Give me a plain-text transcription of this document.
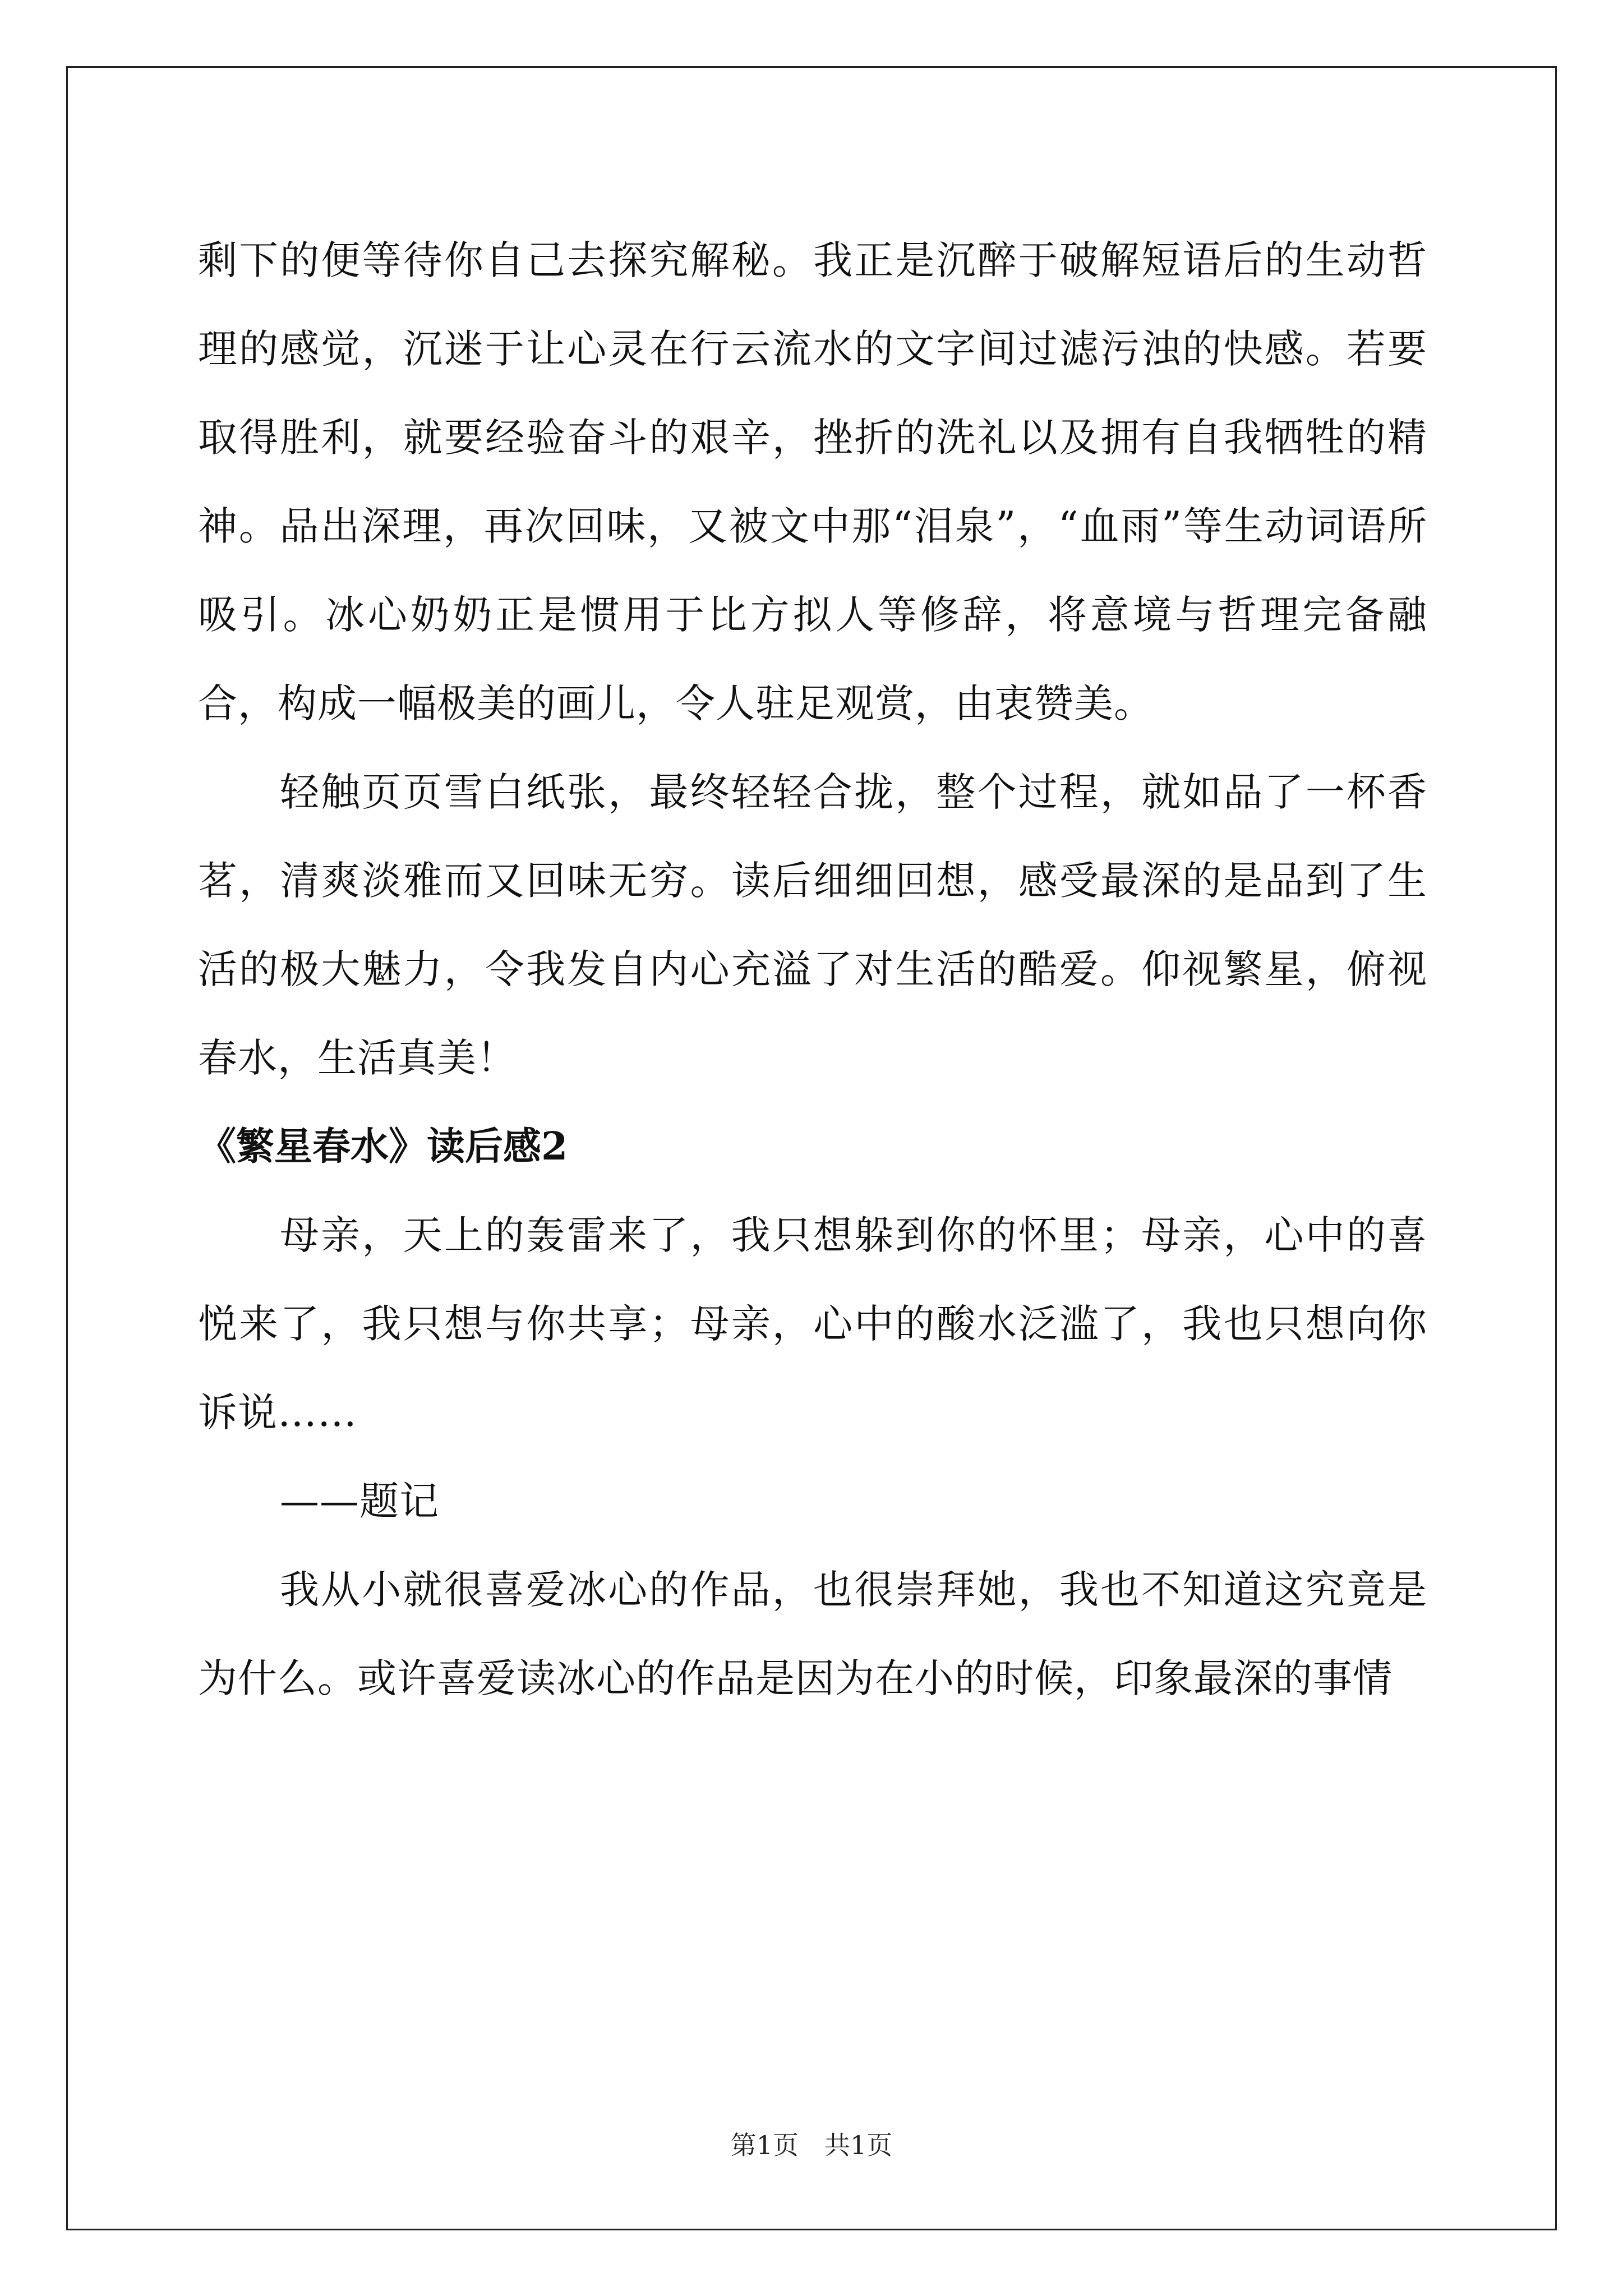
剩下的便等待你自己去探究解秘。我正是沉醉于破解短语后的生动哲理的感觉，沉迷于让心灵在行云流水的文字间过滤污浊的快感。若要取得胜利，就要经验奋斗的艰辛，挫折的洗礼以及拥有自我牺牲的精神。品出深理，再次回味，又被文中那“泪泉”，“血雨”等生动词语所吸引。冰心奶奶正是惯用于比方拟人等修辞，将意境与哲理完备融合，构成一幅极美的画儿，令人驻足观赏，由衷赞美。

轻触页页雪白纸张，最终轻轻合拢，整个过程，就如品了一杯香茗，清爽淡雅而又回味无穷。读后细细回想，感受最深的是品到了生活的极大魅力，令我发自内心充溢了对生活的酷爱。仰视繁星，俯视春水，生活真美！

《繁星春水》读后感2

母亲，天上的轰雷来了，我只想躲到你的怀里；母亲，心中的喜悦来了，我只想与你共享；母亲，心中的酸水泛滥了，我也只想向你诉说……

——题记

我从小就很喜爱冰心的作品，也很崇拜她，我也不知道这究竟是为什么。或许喜爱读冰心的作品是因为在小的时候，印象最深的事情

第1页　共1页
